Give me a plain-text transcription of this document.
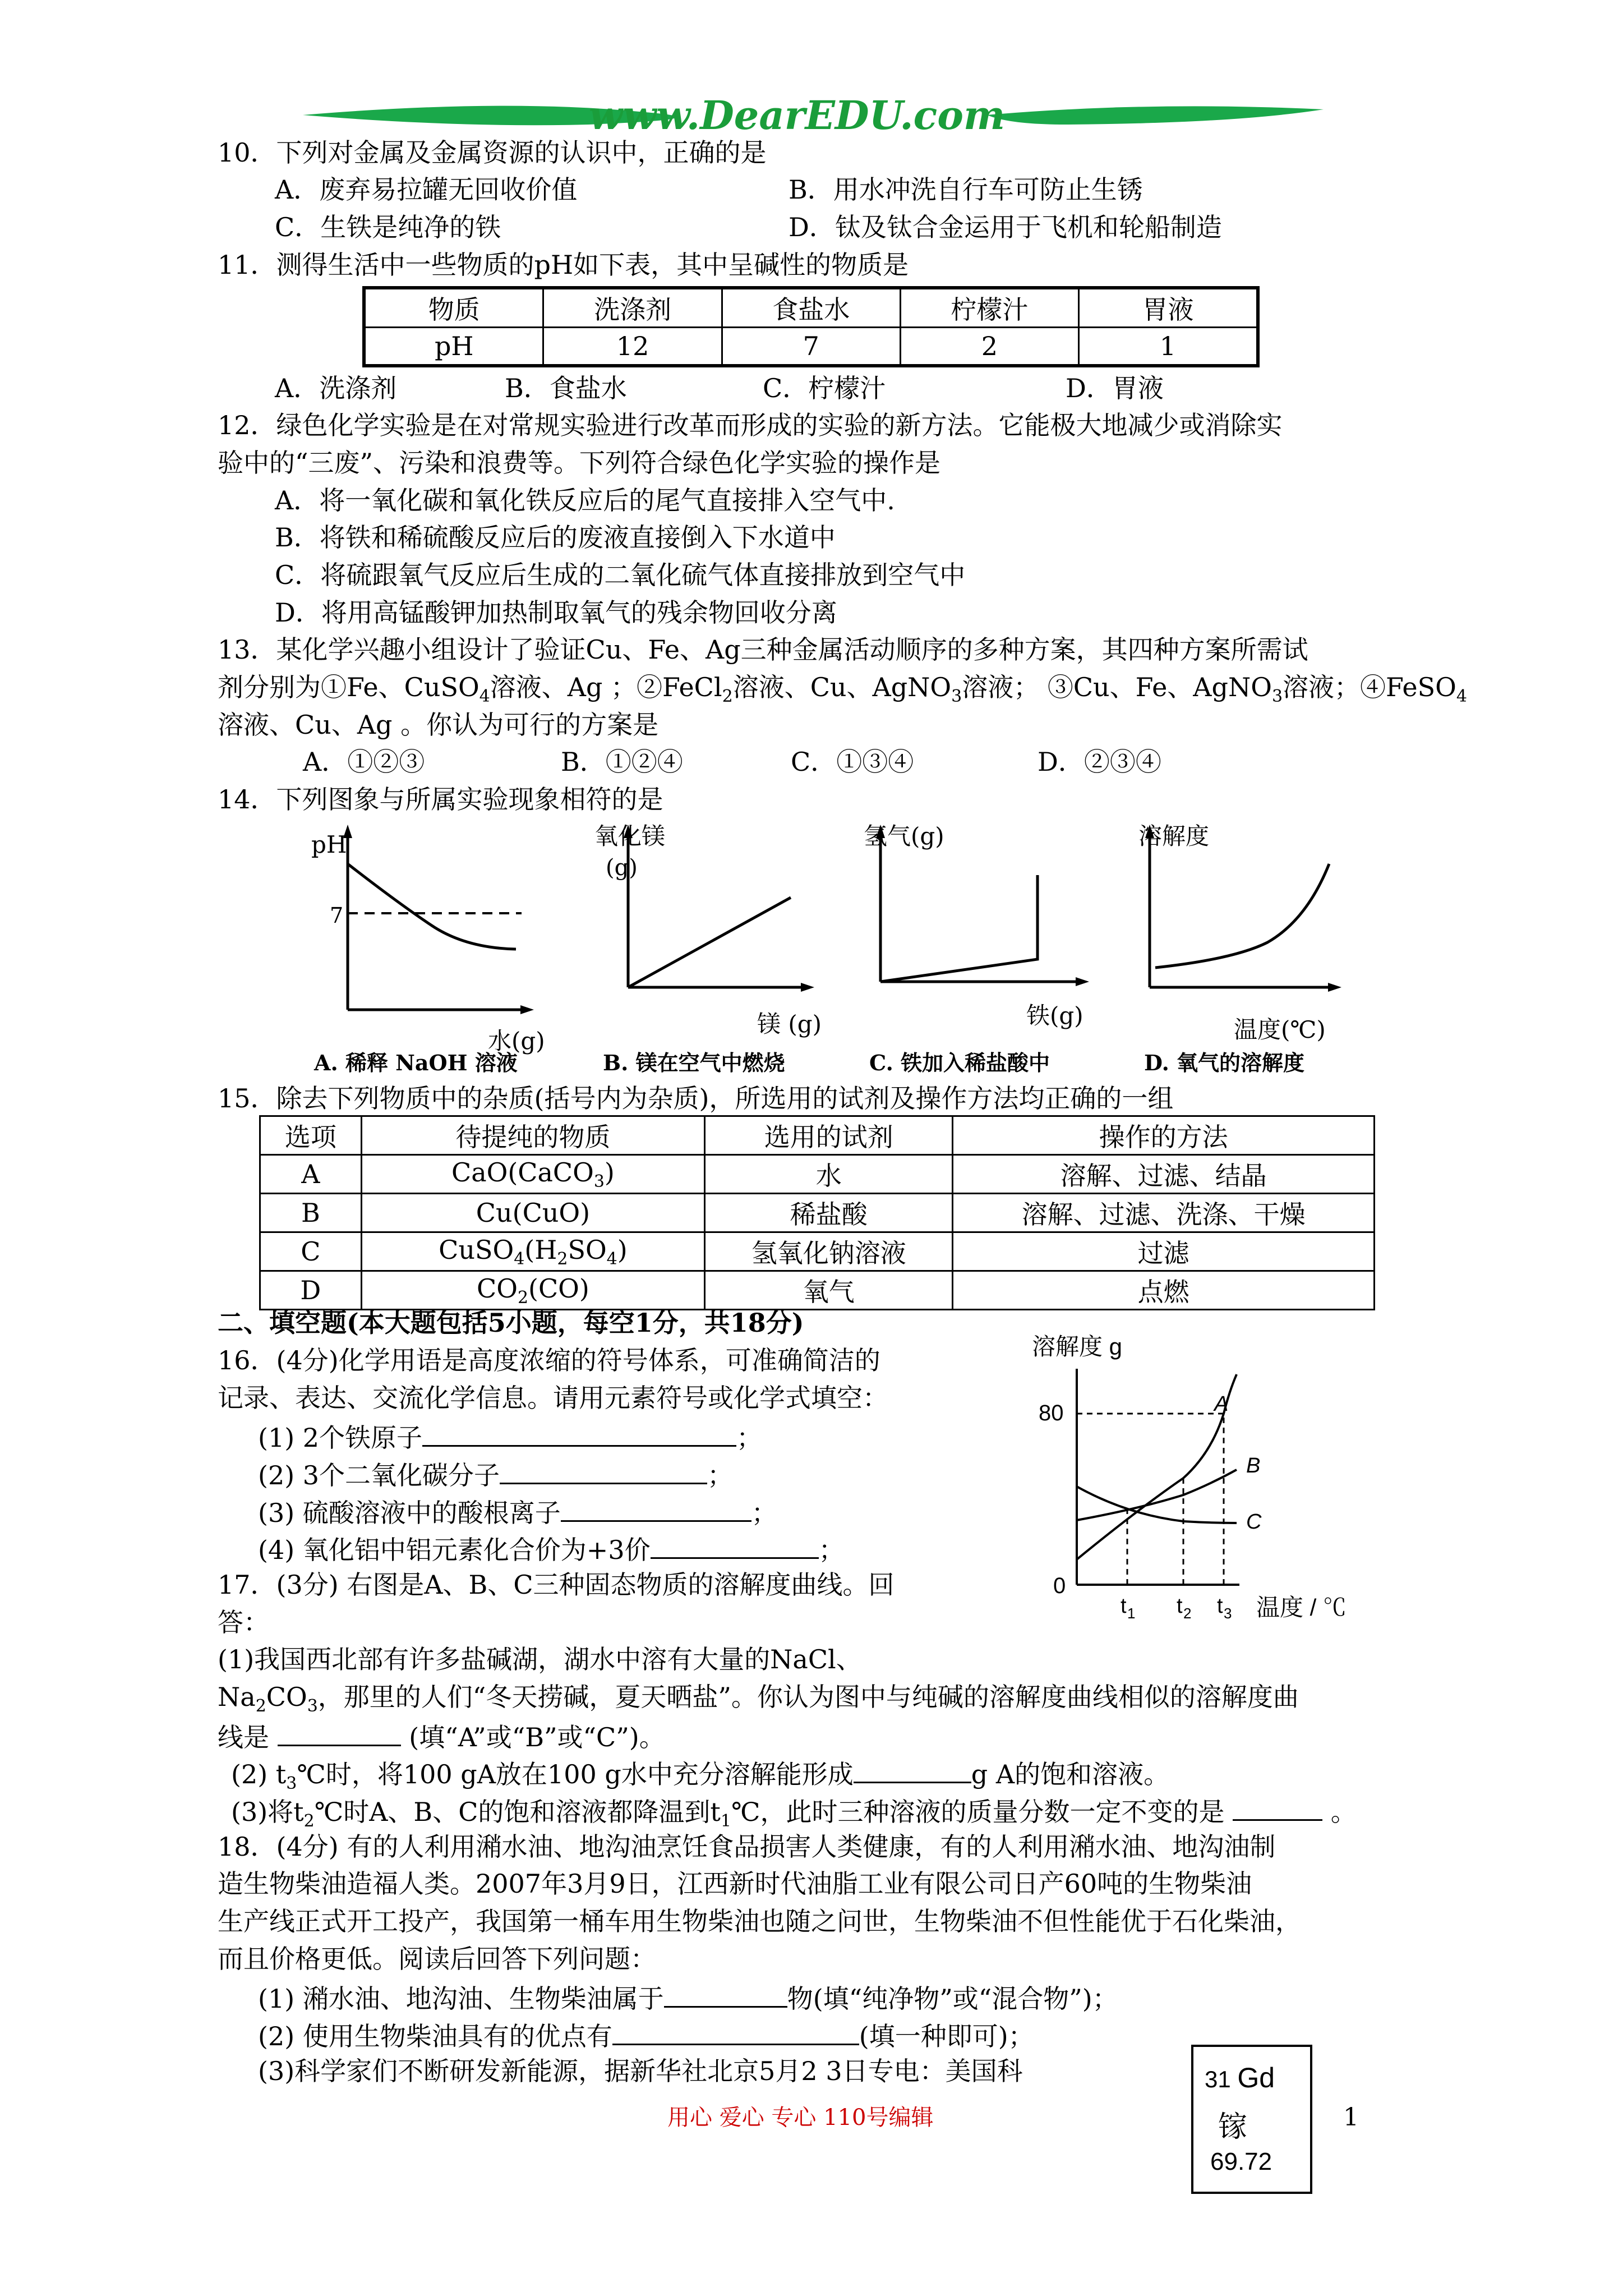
www.DearEDU.com
10．下列对金属及金属资源的认识中，正确的是
A．废弃易拉罐无回收价值	B．用水冲洗自行车可防止生锈
C．生铁是纯净的铁	D．钛及钛合金运用于飞机和轮船制造
11．测得生活中一些物质的pH如下表，其中呈碱性的物质是
物质	洗涤剂	食盐水	柠檬汁	胃液
pH	12	7	2	1
A．洗涤剂	B．食盐水	C．柠檬汁	D．胃液
12．绿色化学实验是在对常规实验进行改革而形成的实验的新方法。它能极大地减少或消除实
验中的“三废”、污染和浪费等。下列符合绿色化学实验的操作是
A．将一氧化碳和氧化铁反应后的尾气直接排入空气中.
B．将铁和稀硫酸反应后的废液直接倒入下水道中
C．将硫跟氧气反应后生成的二氧化硫气体直接排放到空气中
D．将用高锰酸钾加热制取氧气的残余物回收分离
13．某化学兴趣小组设计了验证Cu、Fe、Ag三种金属活动顺序的多种方案，其四种方案所需试
剂分别为①Fe、CuSO$_4$溶液、Ag ；②FeCl$_2$溶液、Cu、AgNO$_3$溶液； ③Cu、Fe、AgNO$_3$溶液；④FeSO$_4$
溶液、Cu、Ag 。你认为可行的方案是
A．①②③	B．①②④	C．①③④	D．②③④
14．下列图象与所属实验现象相符的是
pH
7
水(g)
氧化镁
(g)
镁 (g)
氢气(g)
铁(g)
溶解度
温度(℃)
A. 稀释 NaOH 溶液	B. 镁在空气中燃烧	C. 铁加入稀盐酸中	D. 氧气的溶解度
15．除去下列物质中的杂质(括号内为杂质)，所选用的试剂及操作方法均正确的一组
选项	待提纯的物质	选用的试剂	操作的方法
A	CaO(CaCO$_3$)	水	溶解、过滤、结晶
B	Cu(CuO)	稀盐酸	溶解、过滤、洗涤、干燥
C	$CuSO_4(H_2SO_4)$	氢氧化钠溶液	过滤
D	$CO_2(CO)$	氧气	点燃
二、填空题(本大题包括5小题，每空1分，共18分)
16．(4分)化学用语是高度浓缩的符号体系，可准确简洁的
记录、表达、交流化学信息。请用元素符号或化学式填空：
(1) 2个铁原子	；
(2) 3个二氧化碳分子	；
(3) 硫酸溶液中的酸根离子	；
(4) 氧化铝中铝元素化合价为+3价	；
溶解度 g
80
0
A
B
C
t 1 t 2 t 3 温度 / ℃
17．(3分) 右图是A、B、C三种固态物质的溶解度曲线。回
答：
(1)我国西北部有许多盐碱湖，湖水中溶有大量的NaCl、
$Na_2CO_3$，那里的人们“冬天捞碱，夏天晒盐”。你认为图中与纯碱的溶解度曲线相似的溶解度曲
线是	(填“A”或“B”或“C”)。
(2) $t_3℃$时，将100 gA放在100 g水中充分溶解能形成	g A的饱和溶液。
(3)将$t_2℃$时A、B、C的饱和溶液都降温到$t_1℃$，此时三种溶液的质量分数一定不变的是	。
18．(4分) 有的人利用潲水油、地沟油烹饪食品损害人类健康，有的人利用潲水油、地沟油制
造生物柴油造福人类。2007年3月9日，江西新时代油脂工业有限公司日产60吨的生物柴油
生产线正式开工投产，我国第一桶车用生物柴油也随之问世，生物柴油不但性能优于石化柴油，
而且价格更低。阅读后回答下列问题：
(1) 潲水油、地沟油、生物柴油属于	物(填“纯净物”或“混合物”)；
(2) 使用生物柴油具有的优点有	(填一种即可)；
(3)科学家们不断研发新能源，据新华社北京5月2 3日专电：美国科	31 Gd
镓
69.72
用心 爱心 专心 110号编辑	1
